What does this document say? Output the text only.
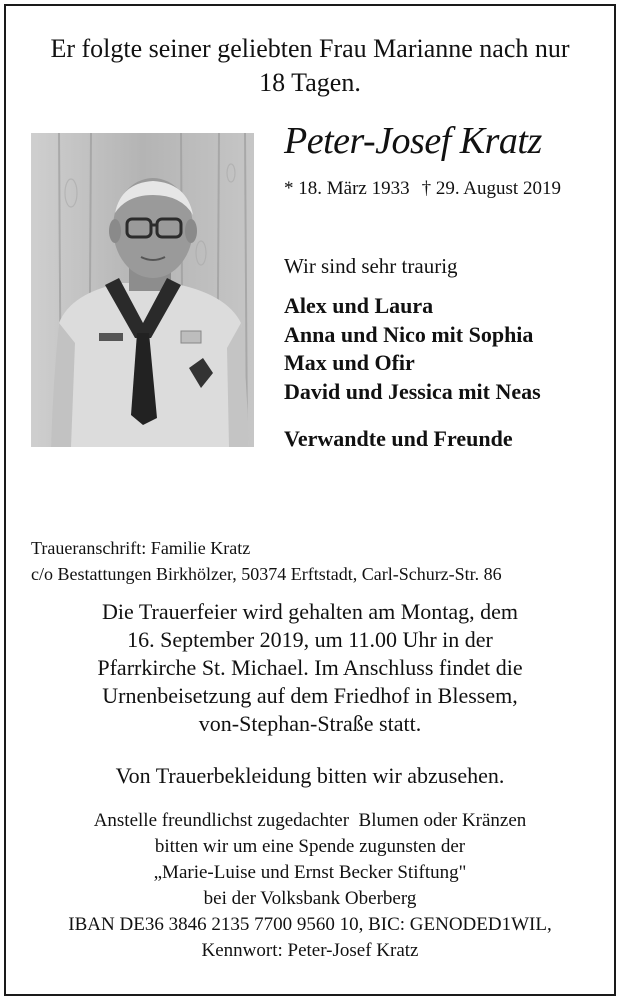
Er folgte seiner geliebten Frau Marianne nach nur
18 Tagen.
Peter-Josef Kratz
* 18. März 1933 † 29. August 2019
Wir sind sehr traurig
Alex und Laura
Anna und Nico mit Sophia
Max und Ofir
David und Jessica mit Neas
Verwandte und Freunde
Traueranschrift: Familie Kratz
c/o Bestattungen Birkhölzer, 50374 Erftstadt, Carl-Schurz-Str. 86
Die Trauerfeier wird gehalten am Montag, dem
16. September 2019, um 11.00 Uhr in der
Pfarrkirche St. Michael. Im Anschluss findet die
Urnenbeisetzung auf dem Friedhof in Blessem,
von-Stephan-Straße statt.
Von Trauerbekleidung bitten wir abzusehen.
Anstelle freundlichst zugedachter  Blumen oder Kränzen
bitten wir um eine Spende zugunsten der
„Marie-Luise und Ernst Becker Stiftung"
bei der Volksbank Oberberg
IBAN DE36 3846 2135 7700 9560 10, BIC: GENODED1WIL,
Kennwort: Peter-Josef Kratz
